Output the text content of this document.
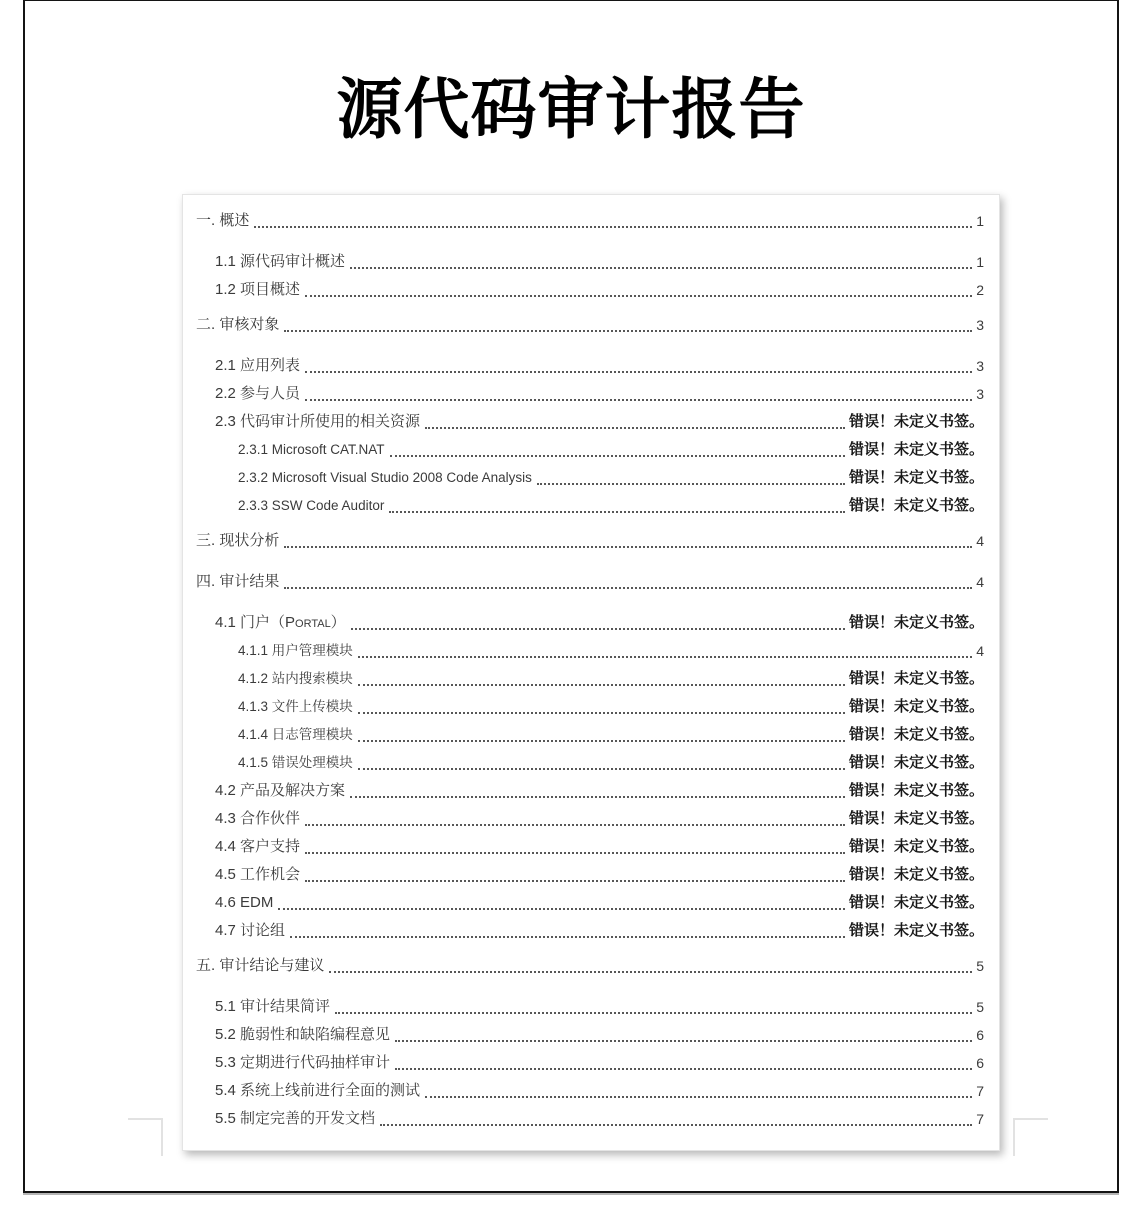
源代码审计报告
一. 概述	1
1.1 源代码审计概述	1
1.2 项目概述	2
二. 审核对象	3
2.1 应用列表	3
2.2 参与人员	3
2.3 代码审计所使用的相关资源	错误！未定义书签。
2.3.1 Microsoft CAT.NAT	错误！未定义书签。
2.3.2 Microsoft Visual Studio 2008 Code Analysis	错误！未定义书签。
2.3.3 SSW Code Auditor	错误！未定义书签。
三. 现状分析	4
四. 审计结果	4
4.1 门户（Portal）	错误！未定义书签。
4.1.1 用户管理模块	4
4.1.2 站内搜索模块	错误！未定义书签。
4.1.3 文件上传模块	错误！未定义书签。
4.1.4 日志管理模块	错误！未定义书签。
4.1.5 错误处理模块	错误！未定义书签。
4.2 产品及解决方案	错误！未定义书签。
4.3 合作伙伴	错误！未定义书签。
4.4 客户支持	错误！未定义书签。
4.5 工作机会	错误！未定义书签。
4.6 EDM	错误！未定义书签。
4.7 讨论组	错误！未定义书签。
五. 审计结论与建议	5
5.1 审计结果简评	5
5.2 脆弱性和缺陷编程意见	6
5.3 定期进行代码抽样审计	6
5.4 系统上线前进行全面的测试	7
5.5 制定完善的开发文档	7
